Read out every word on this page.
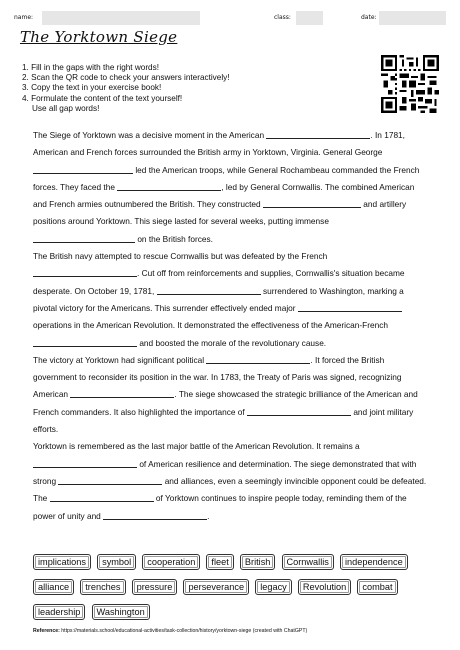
name:	class:	date:
The Yorktown Siege
1. Fill in the gaps with the right words!
2. Scan the QR code to check your answers interactively!
3. Copy the text in your exercise book!
4. Formulate the content of the text yourself!
Use all gap words!

The Siege of Yorktown was a decisive moment in the American	. In 1781, American and French forces surrounded the British army in Yorktown, Virginia. General George  led the American troops, while General Rochambeau commanded the French forces. They faced the	, led by General Cornwallis. The combined American and French armies outnumbered the British. They constructed	and artillery positions around Yorktown. This siege lasted for several weeks, putting immense  on the British forces.

The British navy attempted to rescue Cornwallis but was defeated by the French . Cut off from reinforcements and supplies, Cornwallis's situation became desperate. On October 19, 1781,	surrendered to Washington, marking a pivotal victory for the Americans. This surrender effectively ended major  operations in the American Revolution. It demonstrated the effectiveness of the American-French  and boosted the morale of the revolutionary cause.

The victory at Yorktown had significant political	. It forced the British government to reconsider its position in the war. In 1783, the Treaty of Paris was signed, recognizing American	. The siege showcased the strategic brilliance of the American and French commanders. It also highlighted the importance of	and joint military efforts.

Yorktown is remembered as the last major battle of the American Revolution. It remains a  of American resilience and determination. The siege demonstrated that with strong	and alliances, even a seemingly invincible opponent could be defeated. The	of Yorktown continues to inspire people today, reminding them of the power of unity and	.

implications symbol cooperation fleet British Cornwallis independence alliance trenches pressure perseverance legacy Revolution combat leadership Washington
Reference: https://materials.school/educational-activities/task-collection/history/yorktown-siege (created with ChatGPT)
